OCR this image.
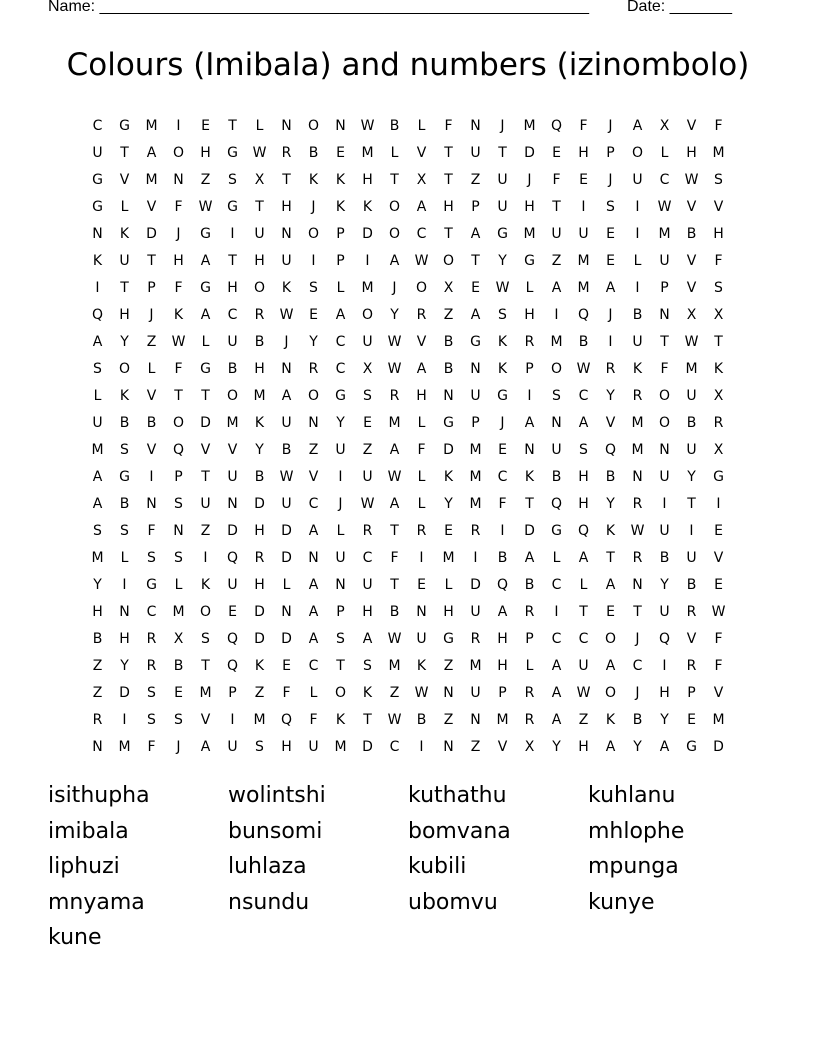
Name: _______________________________________________________ Date: _______
Colours (Imibala) and numbers (izinombolo)
C	G	M	I	E	T	L	N	O	N	W	B	L	F	N	J	M	Q	F	J	A	X	V	F
U	T	A	O	H	G	W	R	B	E	M	L	V	T	U	T	D	E	H	P	O	L	H	M
G	V	M	N	Z	S	X	T	K	K	H	T	X	T	Z	U	J	F	E	J	U	C	W	S
G	L	V	F	W	G	T	H	J	K	K	O	A	H	P	U	H	T	I	S	I	W	V	V
N	K	D	J	G	I	U	N	O	P	D	O	C	T	A	G	M	U	U	E	I	M	B	H
K	U	T	H	A	T	H	U	I	P	I	A	W	O	T	Y	G	Z	M	E	L	U	V	F
I	T	P	F	G	H	O	K	S	L	M	J	O	X	E	W	L	A	M	A	I	P	V	S
Q	H	J	K	A	C	R	W	E	A	O	Y	R	Z	A	S	H	I	Q	J	B	N	X	X
A	Y	Z	W	L	U	B	J	Y	C	U	W	V	B	G	K	R	M	B	I	U	T	W	T
S	O	L	F	G	B	H	N	R	C	X	W	A	B	N	K	P	O	W	R	K	F	M	K
L	K	V	T	T	O	M	A	O	G	S	R	H	N	U	G	I	S	C	Y	R	O	U	X
U	B	B	O	D	M	K	U	N	Y	E	M	L	G	P	J	A	N	A	V	M	O	B	R
M	S	V	Q	V	V	Y	B	Z	U	Z	A	F	D	M	E	N	U	S	Q	M	N	U	X
A	G	I	P	T	U	B	W	V	I	U	W	L	K	M	C	K	B	H	B	N	U	Y	G
A	B	N	S	U	N	D	U	C	J	W	A	L	Y	M	F	T	Q	H	Y	R	I	T	I
S	S	F	N	Z	D	H	D	A	L	R	T	R	E	R	I	D	G	Q	K	W	U	I	E
M	L	S	S	I	Q	R	D	N	U	C	F	I	M	I	B	A	L	A	T	R	B	U	V
Y	I	G	L	K	U	H	L	A	N	U	T	E	L	D	Q	B	C	L	A	N	Y	B	E
H	N	C	M	O	E	D	N	A	P	H	B	N	H	U	A	R	I	T	E	T	U	R	W
B	H	R	X	S	Q	D	D	A	S	A	W	U	G	R	H	P	C	C	O	J	Q	V	F
Z	Y	R	B	T	Q	K	E	C	T	S	M	K	Z	M	H	L	A	U	A	C	I	R	F
Z	D	S	E	M	P	Z	F	L	O	K	Z	W	N	U	P	R	A	W	O	J	H	P	V
R	I	S	S	V	I	M	Q	F	K	T	W	B	Z	N	M	R	A	Z	K	B	Y	E	M
N	M	F	J	A	U	S	H	U	M	D	C	I	N	Z	V	X	Y	H	A	Y	A	G	D
isithupha	wolintshi	kuthathu	kuhlanu
imibala	bunsomi	bomvana	mhlophe
liphuzi	luhlaza	kubili	mpunga
mnyama	nsundu	ubomvu	kunye
kune
